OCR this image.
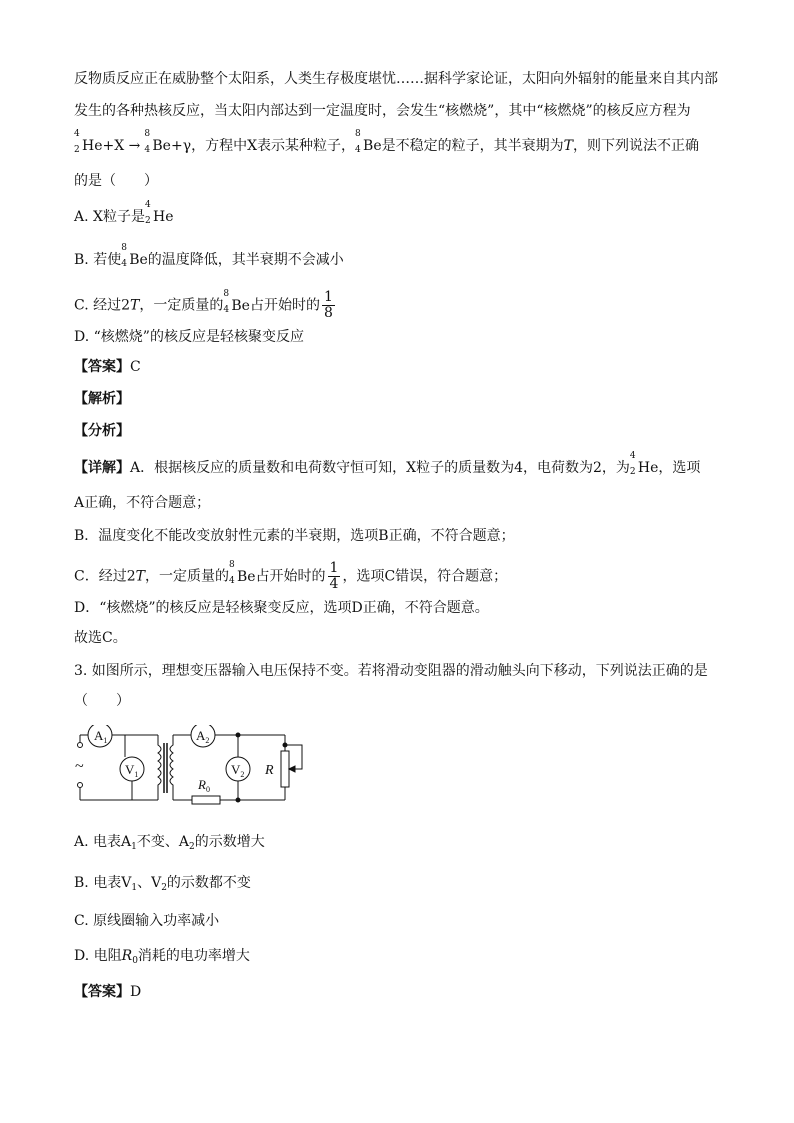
反物质反应正在威胁整个太阳系，人类生存极度堪忧……据科学家论证，太阳向外辐射的能量来自其内部
发生的各种热核反应，当太阳内部达到一定温度时，会发生“核燃烧”，其中“核燃烧”的核反应方程为
4
2 He+X →
8
4 Be+γ，方程中X表示某种粒子，
8
4 Be是不稳定的粒子，其半衰期为T，则下列说法不正确
的是（　　）
A. X粒子是
4
2 He
B. 若使
8
4 Be的温度降低，其半衰期不会减小
C. 经过2T，一定质量的
8
4 Be占开始时的 $\frac{1}{8}$
D. “核燃烧”的核反应是轻核聚变反应
【答案】C
【解析】
【分析】
【详解】A．根据核反应的质量数和电荷数守恒可知，X粒子的质量数为4，电荷数为2，为
4
2 He，选项
A正确，不符合题意；
B．温度变化不能改变放射性元素的半衰期，选项B正确，不符合题意；
C．经过2T，一定质量的
8
4 Be占开始时的 $\frac{1}{4}$ ，选项C错误，符合题意；
D．“核燃烧”的核反应是轻核聚变反应，选项D正确，不符合题意。
故选C。
3. 如图所示，理想变压器输入电压保持不变。若将滑动变阻器的滑动触头向下移动，下列说法正确的是
（　　）
~
$A_1$
$V_1$
$A_2$
$R_0$
$V_2$ R
A. 电表$A_1$不变、$A_2$的示数增大
B. 电表$V_1$、$V_2$的示数都不变
C. 原线圈输入功率减小
D. 电阻$R_0$消耗的电功率增大
【答案】D
